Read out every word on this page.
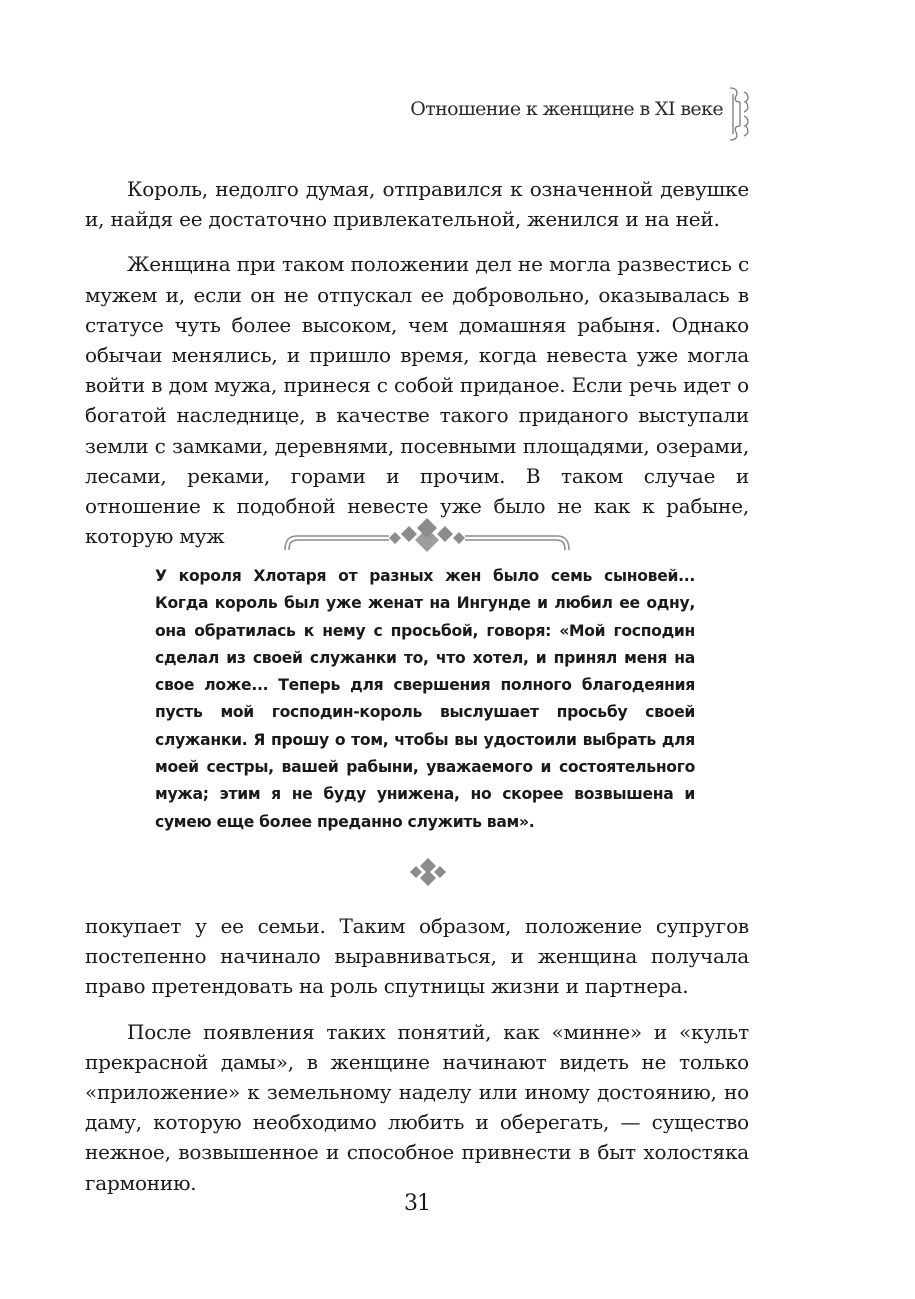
Отношение к женщине в XI веке

Король, недолго думая, отправился к означенной девушке и, найдя ее достаточно привлекательной, женился и на ней.

Женщина при таком положении дел не могла развестись с мужем и, если он не отпускал ее добровольно, оказывалась в статусе чуть более высоком, чем домашняя рабыня. Однако обычаи менялись, и пришло время, когда невеста уже могла войти в дом мужа, принеся с собой приданое. Если речь идет о богатой наследнице, в качестве такого приданого выступали земли с замками, деревнями, посевными площадями, озерами, лесами, реками, горами и прочим. В таком случае и отношение к подобной невесте уже было не как к рабыне, которую муж

У короля Хлотаря от разных жен было семь сыновей... Когда король был уже женат на Ингунде и любил ее одну, она обратилась к нему с просьбой, говоря: «Мой господин сделал из своей служанки то, что хотел, и принял меня на свое ложе... Теперь для свершения полного благодеяния пусть мой господин-король выслушает просьбу своей служанки. Я прошу о том, чтобы вы удостоили выбрать для моей сестры, вашей рабыни, уважаемого и состоятельного мужа; этим я не буду унижена, но скорее возвышена и сумею еще более преданно служить вам».

покупает у ее семьи. Таким образом, положение супругов постепенно начинало выравниваться, и женщина получала право претендовать на роль спутницы жизни и партнера.

После появления таких понятий, как «минне» и «культ прекрасной дамы», в женщине начинают видеть не только «приложение» к земельному наделу или иному достоянию, но даму, которую необходимо любить и оберегать, — существо нежное, возвышенное и способное привнести в быт холостяка гармонию.

31
